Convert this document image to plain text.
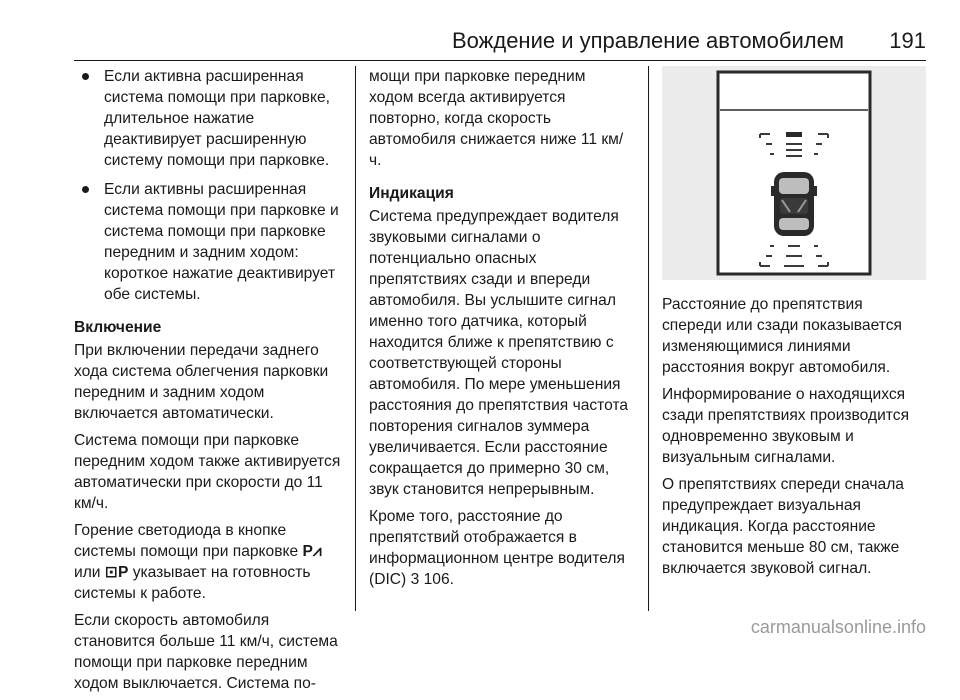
Вождение и управление автомобилем 191
Если активна расширенная система помощи при парковке, длительное нажатие деактивирует расширенную систему помощи при парковке.
Если активны расширенная система помощи при парковке и система помощи при парковке передним и задним ходом: короткое нажатие деактивирует обе системы.
Включение

При включении передачи заднего хода система облегчения парковки передним и задним ходом включается автоматически.

Система помощи при парковке передним ходом также активируется автоматически при скорости до 11 км/ч.

Горение светодиода в кнопке системы помощи при парковке P⩘ или ⊡P указывает на готовность системы к работе.

Если скорость автомобиля становится больше 11 км/ч, система помощи при парковке передним ходом выключается. Система по-

мощи при парковке передним ходом всегда активируется повторно, когда скорость автомобиля снижается ниже 11 км/ч.

Индикация

Система предупреждает водителя звуковыми сигналами о потенциально опасных препятствиях сзади и впереди автомобиля. Вы услышите сигнал именно того датчика, который находится ближе к препятствию с соответствующей стороны автомобиля. По мере уменьшения расстояния до препятствия частота повторения сигналов зуммера увеличивается. Если расстояние сокращается до примерно 30 см, звук становится непрерывным.

Кроме того, расстояние до препятствий отображается в информационном центре водителя (DIC) 3 106.

Расстояние до препятствия спереди или сзади показывается изменяющимися линиями расстояния вокруг автомобиля.

Информирование о находящихся сзади препятствиях производится одновременно звуковым и визуальным сигналами.

О препятствиях спереди сначала предупреждает визуальная индикация. Когда расстояние становится меньше 80 см, также включается звуковой сигнал.

carmanualsonline.info
